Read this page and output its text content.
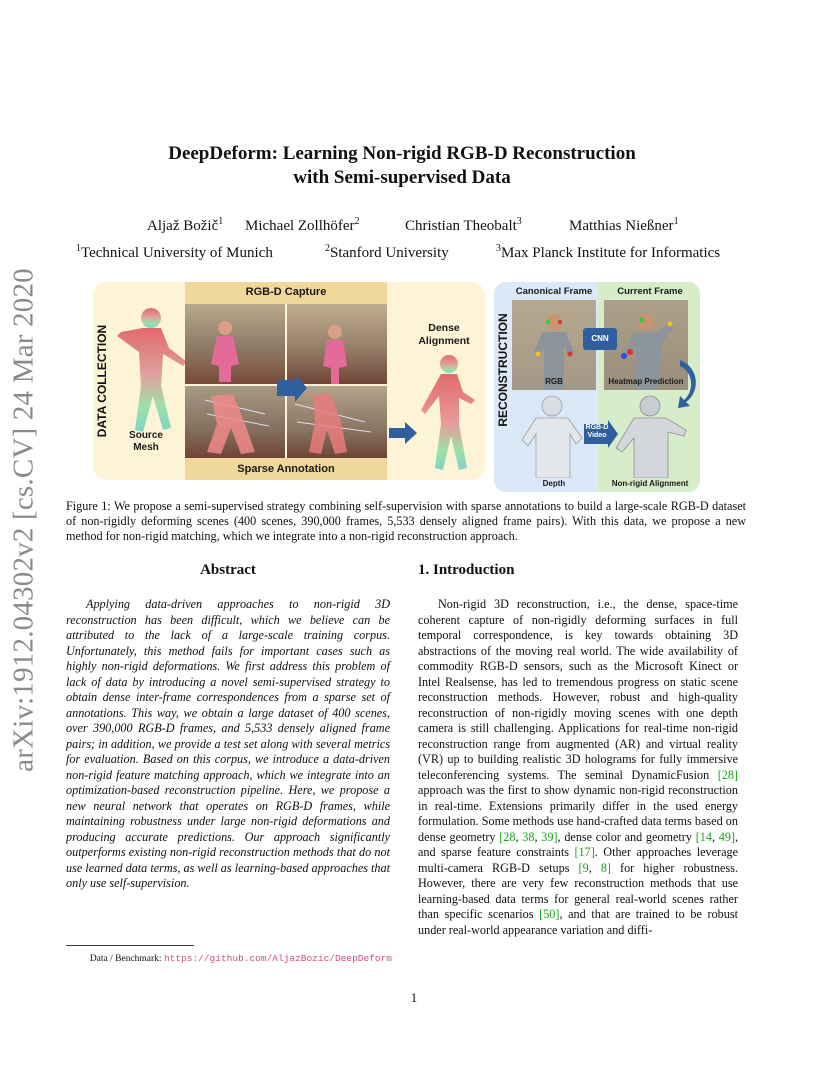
arXiv:1912.04302v2 [cs.CV] 24 Mar 2020
DeepDeform: Learning Non-rigid RGB-D Reconstruction
with Semi-supervised Data
Aljaž Božič$^1$ Michael Zollhöfer$^2$	Christian Theobalt$^3$	Matthias Nießner$^1$
$^1$Technical University of Munich	$^2$Stanford University	$^3$Max Planck Institute for Informatics
DATA COLLECTION	Source
Mesh
RGB-D Capture
Sparse Annotation
Dense
Alignment	RECONSTRUCTION
Canonical Frame	Current Frame
CNN
RGB	Heatmap Prediction
RGB-D
Video
Depth	Non-rigid Alignment
Figure 1: We propose a semi-supervised strategy combining self-supervision with sparse annotations to build a large-scale RGB-D dataset of non-rigidly deforming scenes (400 scenes, 390,000 frames, 5,533 densely aligned frame pairs). With this data, we propose a new method for non-rigid matching, which we integrate into a non-rigid reconstruction approach.
Abstract

Applying data-driven approaches to non-rigid 3D reconstruction has been difficult, which we believe can be attributed to the lack of a large-scale training corpus. Unfortunately, this method fails for important cases such as highly non-rigid deformations. We first address this problem of lack of data by introducing a novel semi-supervised strategy to obtain dense inter-frame correspondences from a sparse set of annotations. This way, we obtain a large dataset of 400 scenes, over 390,000 RGB-D frames, and 5,533 densely aligned frame pairs; in addition, we provide a test set along with several metrics for evaluation. Based on this corpus, we introduce a data-driven non-rigid feature matching approach, which we integrate into an optimization-based reconstruction pipeline. Here, we propose a new neural network that operates on RGB-D frames, while maintaining robustness under large non-rigid deformations and producing accurate predictions. Our approach significantly outperforms existing non-rigid reconstruction methods that do not use learned data terms, as well as learning-based approaches that only use self-supervision.

1. Introduction

Non-rigid 3D reconstruction, i.e., the dense, space-time coherent capture of non-rigidly deforming surfaces in full temporal correspondence, is key towards obtaining 3D abstractions of the moving real world. The wide availability of commodity RGB-D sensors, such as the Microsoft Kinect or Intel Realsense, has led to tremendous progress on static scene reconstruction methods. However, robust and high-quality reconstruction of non-rigidly moving scenes with one depth camera is still challenging. Applications for real-time non-rigid reconstruction range from augmented (AR) and virtual reality (VR) up to building realistic 3D holograms for fully immersive teleconferencing systems. The seminal DynamicFusion [28] approach was the first to show dynamic non-rigid reconstruction in real-time. Extensions primarily differ in the used energy formulation. Some methods use hand-crafted data terms based on dense geometry [28, 38, 39], dense color and geometry [14, 49], and sparse feature constraints [17]. Other approaches leverage multi-camera RGB-D setups [9, 8] for higher robustness. However, there are very few reconstruction methods that use learning-based data terms for general real-world scenes rather than specific scenarios [50], and that are trained to be robust under real-world appearance variation and diffi-

Data / Benchmark: https://github.com/AljazBozic/DeepDeform
1
